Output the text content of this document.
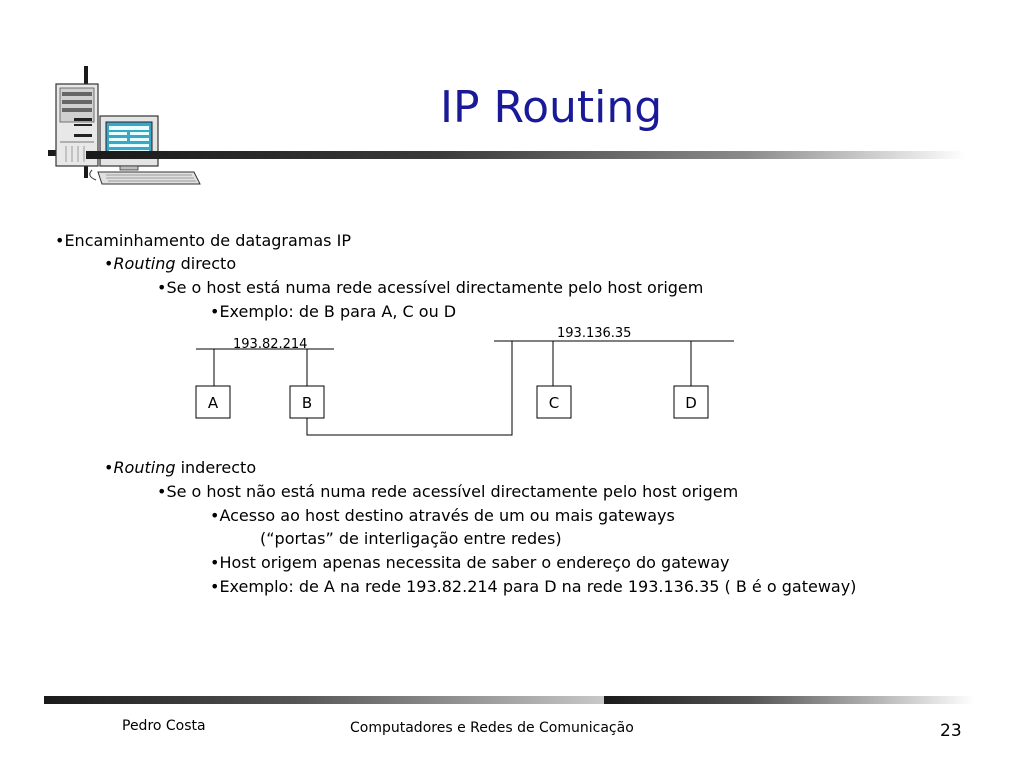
IP Routing
•Encaminhamento de datagramas IP
•Routing directo
•Se o host está numa rede acessível directamente pelo host origem
•Exemplo: de B para A, C ou D
193.82.214
193.136.35
A	B	C	D
•Routing inderecto
•Se o host não está numa rede acessível directamente pelo host origem
•Acesso ao host destino através de um ou mais gateways
(“portas” de interligação entre redes)
•Host origem apenas necessita de saber o endereço do gateway
•Exemplo: de A na rede 193.82.214 para D na rede 193.136.35 ( B é o gateway)
Pedro Costa	Computadores e Redes de Comunicação	23
